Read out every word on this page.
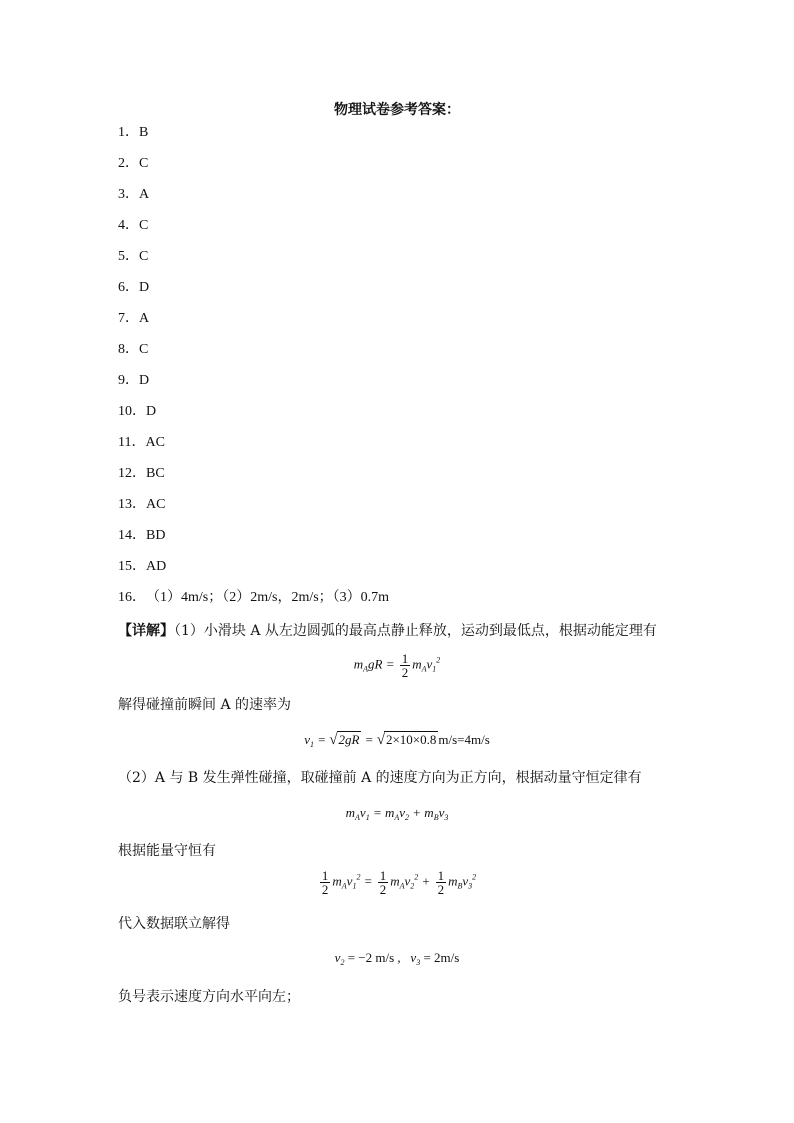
物理试卷参考答案：
1．B
2．C
3．A
4．C
5．C
6．D
7．A
8．C
9．D
10．D
11．AC
12．BC
13．AC
14．BD
15．AD
16．（1）4m/s；（2）2m/s，2m/s；（3）0.7m
【详解】（1）小滑块 A 从左边圆弧的最高点静止释放，运动到最低点，根据动能定理有
$m_AgR = \frac{1}{2} m_Av_1^2$
解得碰撞前瞬间 A 的速率为
$v_1 = √2gR = √2\times 10\times 0.8$ m/s=4m/s
（2）A 与 B 发生弹性碰撞，取碰撞前 A 的速度方向为正方向，根据动量守恒定律有
$m_Av_1 = m_Av_2 + m_Bv_3$
根据能量守恒有
$\frac{1}{2} m_Av_1^2 = \frac{1}{2} m_Av_2^2 + \frac{1}{2} m_Bv_3^2$
代入数据联立解得
$v_2 = -2$ m/s ,   $v_3 = 2m/s$
负号表示速度方向水平向左；
